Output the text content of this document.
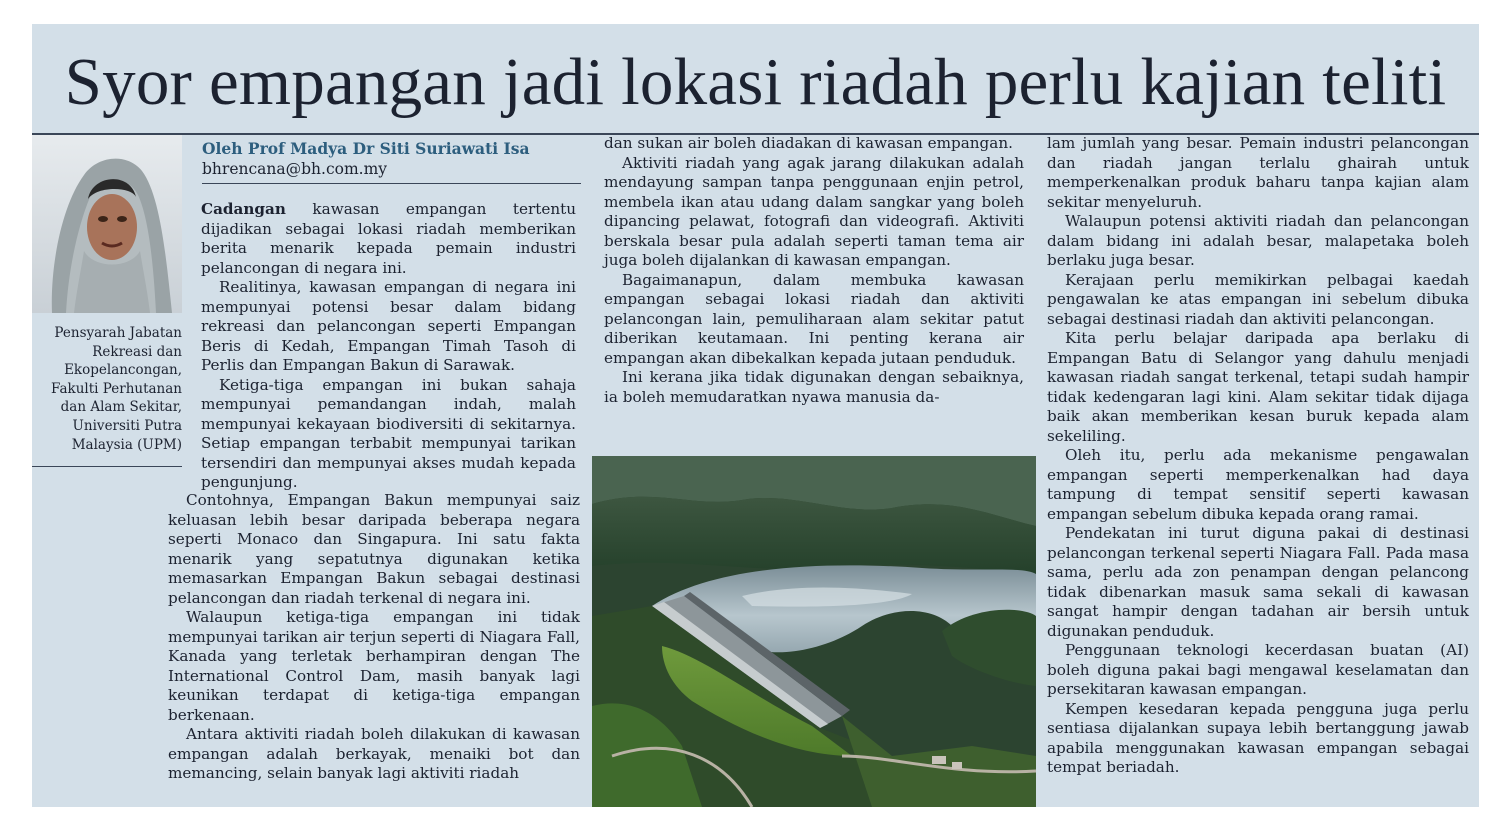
Syor empangan jadi lokasi riadah perlu kajian teliti
Pensyarah Jabatan
Rekreasi dan
Ekopelancongan,
Fakulti Perhutanan
dan Alam Sekitar,
Universiti Putra
Malaysia (UPM)
Oleh Prof Madya Dr Siti Suriawati Isa
bhrencana@bh.com.my

Cadangan kawasan empangan tertentu dijadikan sebagai lokasi riadah memberikan berita menarik kepada pemain industri pelancongan di negara ini.

Realitinya, kawasan empangan di negara ini mempunyai potensi besar dalam bidang rekreasi dan pelancongan seperti Empangan Beris di Kedah, Empangan Timah Tasoh di Perlis dan Empangan Bakun di Sarawak.

Ketiga-tiga empangan ini bukan sahaja mempunyai pemandangan indah, malah mempunyai kekayaan biodiversiti di sekitarnya. Setiap empangan terbabit mempunyai tarikan tersendiri dan mempunyai akses mudah kepada pengunjung.

Contohnya, Empangan Bakun mempunyai saiz keluasan lebih besar daripada beberapa negara seperti Monaco dan Singapura. Ini satu fakta menarik yang sepatutnya digunakan ketika memasarkan Empangan Bakun sebagai destinasi pelancongan dan riadah terkenal di negara ini.

Walaupun ketiga-tiga empangan ini tidak mempunyai tarikan air terjun seperti di Niagara Fall, Kanada yang terletak berhampiran dengan The International Control Dam, masih banyak lagi keunikan terdapat di ketiga-tiga empangan berkenaan.

Antara aktiviti riadah boleh dilakukan di kawasan empangan adalah berkayak, menaiki bot dan memancing, selain banyak lagi aktiviti riadah

dan sukan air boleh diadakan di kawasan empangan.

Aktiviti riadah yang agak jarang dilakukan adalah mendayung sampan tanpa penggunaan enjin petrol, membela ikan atau udang dalam sangkar yang boleh dipancing pelawat, fotografi dan videografi. Aktiviti berskala besar pula adalah seperti taman tema air juga boleh dijalankan di kawasan empangan.

Bagaimanapun, dalam membuka kawasan empangan sebagai lokasi riadah dan aktiviti pelancongan lain, pemuliharaan alam sekitar patut diberikan keutamaan. Ini penting kerana air empangan akan dibekalkan kepada jutaan penduduk.

Ini kerana jika tidak digunakan dengan sebaiknya, ia boleh memudaratkan nyawa manusia da-

lam jumlah yang besar. Pemain industri pelancongan dan riadah jangan terlalu ghairah untuk memperkenalkan produk baharu tanpa kajian alam sekitar menyeluruh.

Walaupun potensi aktiviti riadah dan pelancongan dalam bidang ini adalah besar, malapetaka boleh berlaku juga besar.

Kerajaan perlu memikirkan pelbagai kaedah pengawalan ke atas empangan ini sebelum dibuka sebagai destinasi riadah dan aktiviti pelancongan.

Kita perlu belajar daripada apa berlaku di Empangan Batu di Selangor yang dahulu menjadi kawasan riadah sangat terkenal, tetapi sudah hampir tidak kedengaran lagi kini. Alam sekitar tidak dijaga baik akan memberikan kesan buruk kepada alam sekeliling.

Oleh itu, perlu ada mekanisme pengawalan empangan seperti memperkenalkan had daya tampung di tempat sensitif seperti kawasan empangan sebelum dibuka kepada orang ramai.

Pendekatan ini turut diguna pakai di destinasi pelancongan terkenal seperti Niagara Fall. Pada masa sama, perlu ada zon penampan dengan pelancong tidak dibenarkan masuk sama sekali di kawasan sangat hampir dengan tadahan air bersih untuk digunakan penduduk.

Penggunaan teknologi kecerdasan buatan (AI) boleh diguna pakai bagi mengawal keselamatan dan persekitaran kawasan empangan.

Kempen kesedaran kepada pengguna juga perlu sentiasa dijalankan supaya lebih bertanggung jawab apabila menggunakan kawasan empangan sebagai tempat beriadah.
